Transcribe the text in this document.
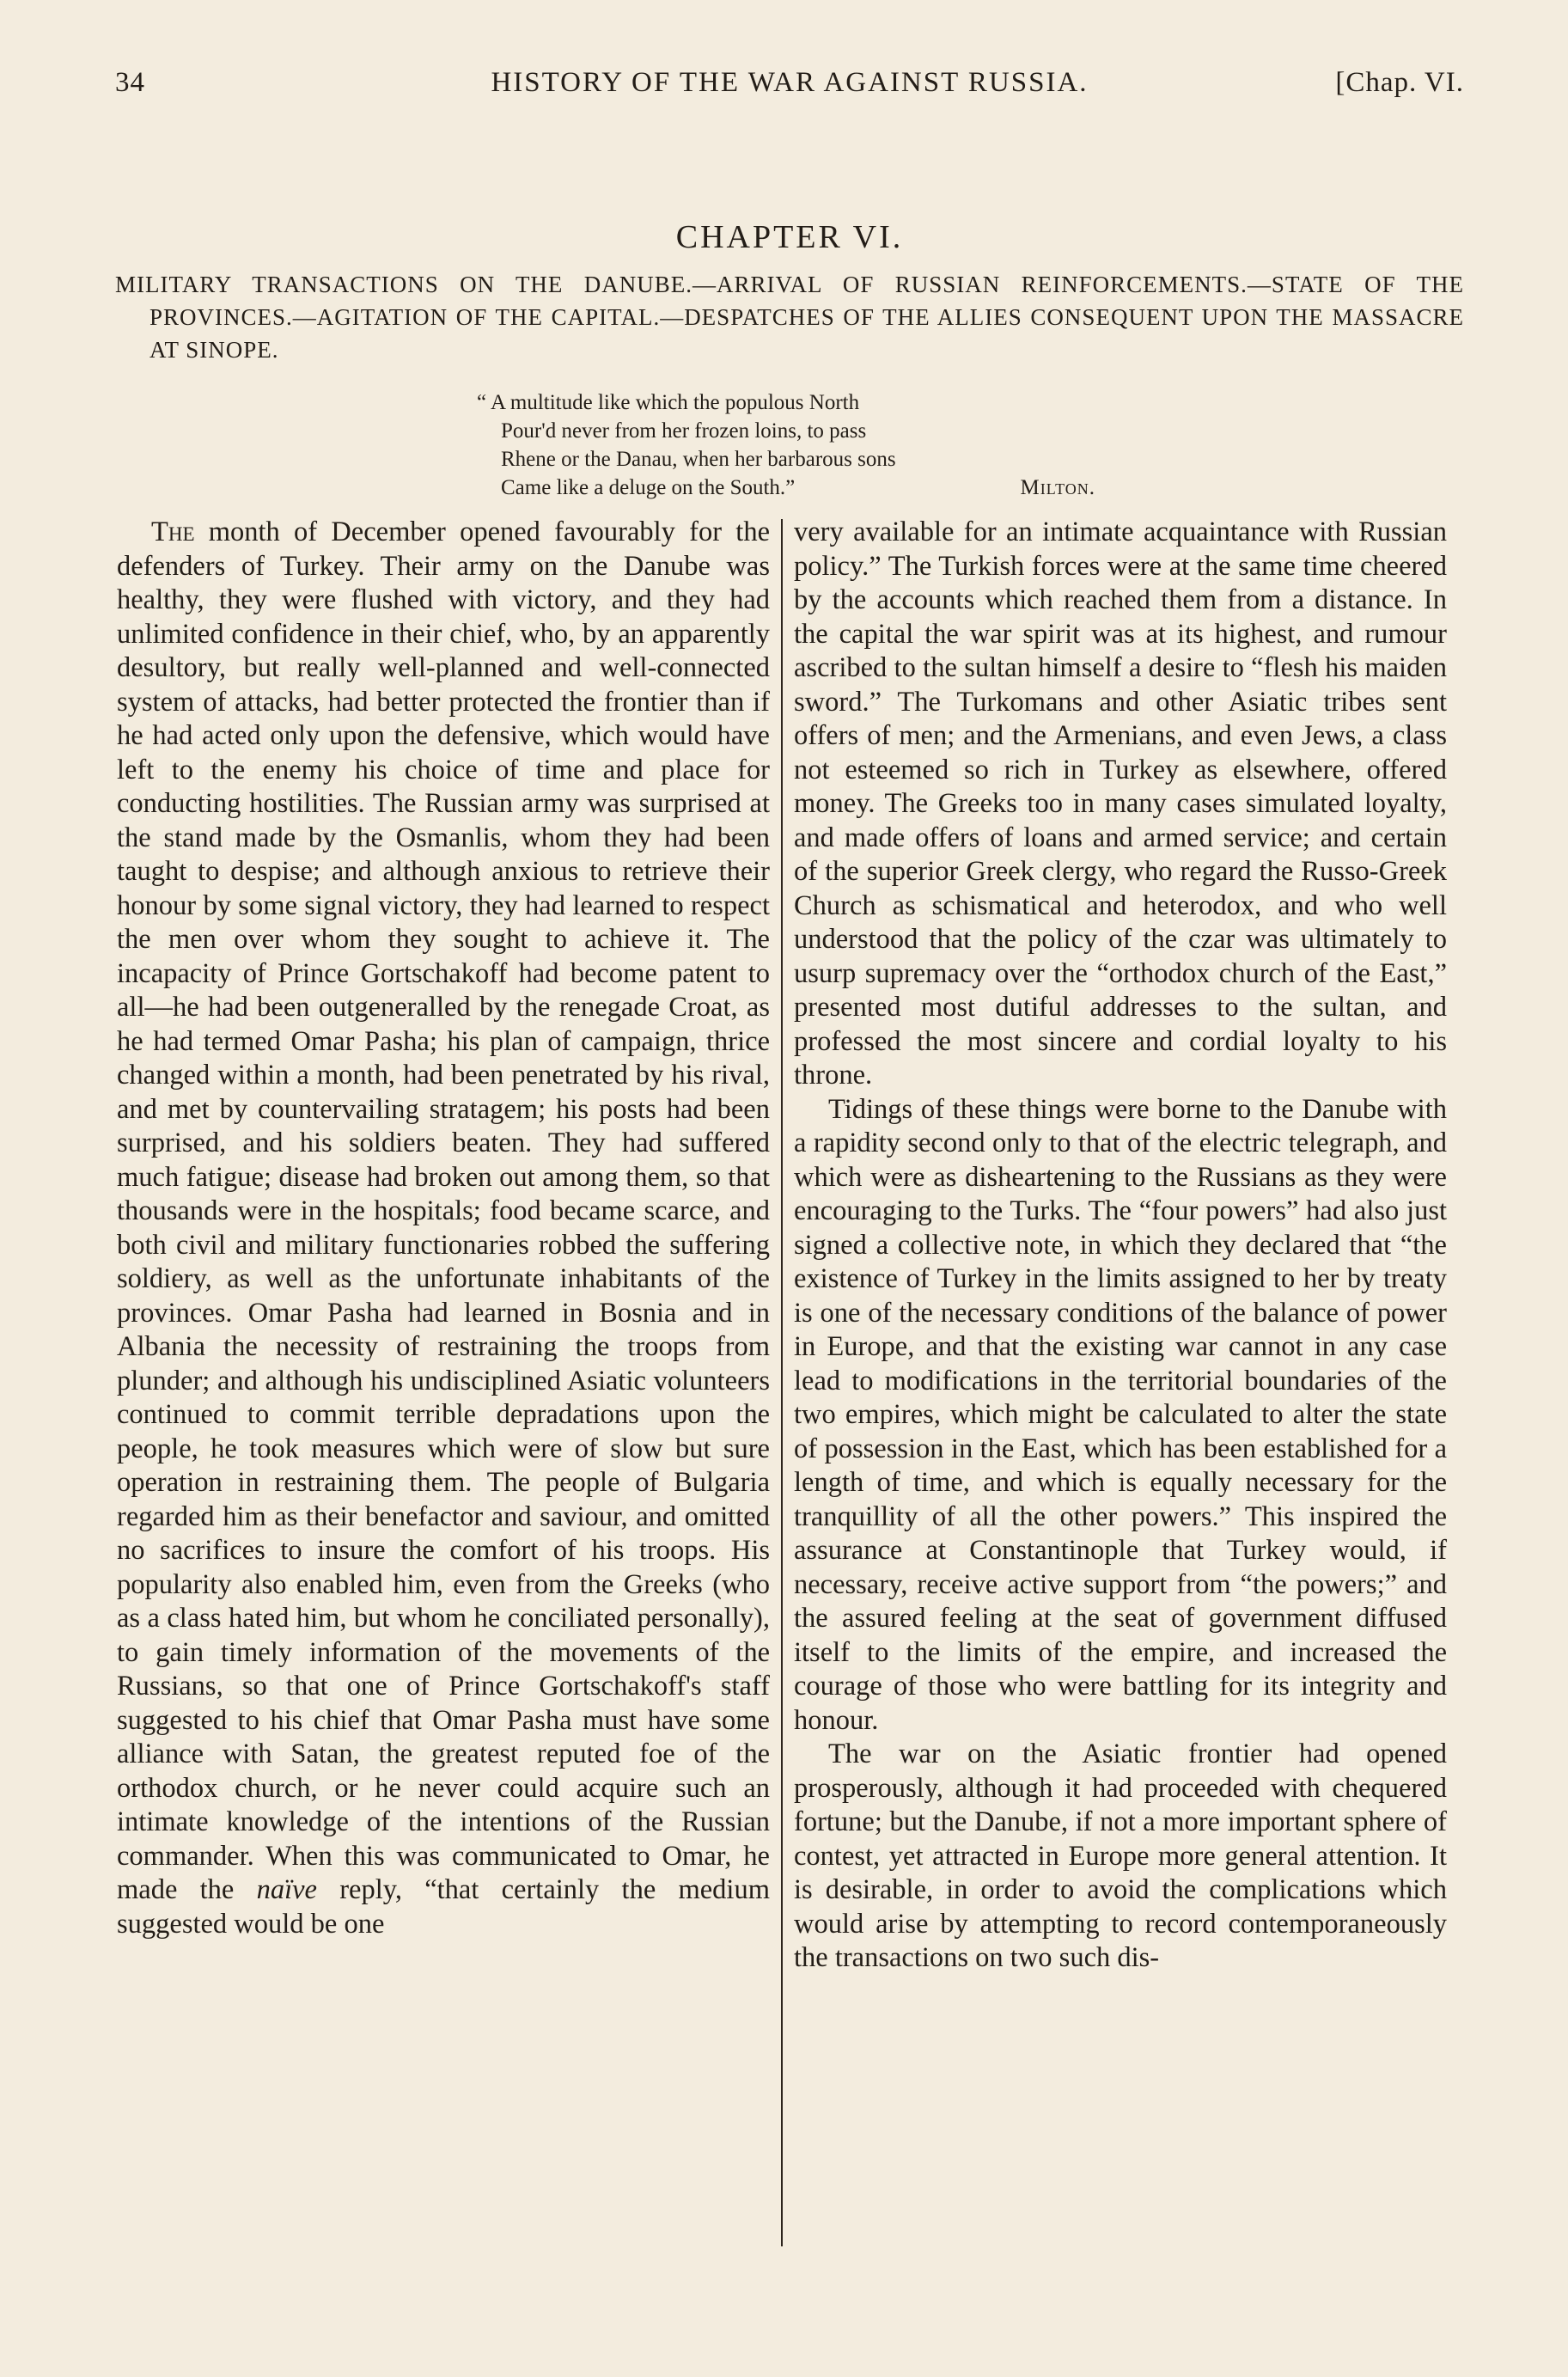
34	HISTORY OF THE WAR AGAINST RUSSIA.	[Chap. VI.
CHAPTER VI.
MILITARY TRANSACTIONS ON THE DANUBE.—ARRIVAL OF RUSSIAN REINFORCEMENTS.—STATE OF THE PROVINCES.—AGITATION OF THE CAPITAL.—DESPATCHES OF THE ALLIES CONSEQUENT UPON THE MASSACRE AT SINOPE.
“ A multitude like which the populous North
Pour'd never from her frozen loins, to pass
Rhene or the Danau, when her barbarous sons
Came like a deluge on the South.”	Milton.

The month of December opened favourably for the defenders of Turkey. Their army on the Danube was healthy, they were flushed with victory, and they had unlimited confidence in their chief, who, by an apparently desultory, but really well-planned and well-connected system of attacks, had better protected the frontier than if he had acted only upon the defensive, which would have left to the enemy his choice of time and place for conducting hostilities. The Russian army was surprised at the stand made by the Osmanlis, whom they had been taught to despise; and although anxious to retrieve their honour by some signal victory, they had learned to respect the men over whom they sought to achieve it. The incapacity of Prince Gortschakoff had become patent to all—he had been outgeneralled by the renegade Croat, as he had termed Omar Pasha; his plan of campaign, thrice changed within a month, had been penetrated by his rival, and met by countervailing stratagem; his posts had been surprised, and his soldiers beaten. They had suffered much fatigue; disease had broken out among them, so that thousands were in the hospitals; food became scarce, and both civil and military functionaries robbed the suffering soldiery, as well as the unfortunate inhabitants of the provinces. Omar Pasha had learned in Bosnia and in Albania the necessity of restraining the troops from plunder; and although his undisciplined Asiatic volunteers continued to commit terrible depradations upon the people, he took measures which were of slow but sure operation in restraining them. The people of Bulgaria regarded him as their benefactor and saviour, and omitted no sacrifices to insure the comfort of his troops. His popularity also enabled him, even from the Greeks (who as a class hated him, but whom he conciliated personally), to gain timely information of the movements of the Russians, so that one of Prince Gortschakoff's staff suggested to his chief that Omar Pasha must have some alliance with Satan, the greatest reputed foe of the orthodox church, or he never could acquire such an intimate knowledge of the intentions of the Russian commander. When this was communicated to Omar, he made the naïve reply, “that certainly the medium suggested would be one

very available for an intimate acquaintance with Russian policy.” The Turkish forces were at the same time cheered by the accounts which reached them from a distance. In the capital the war spirit was at its highest, and rumour ascribed to the sultan himself a desire to “flesh his maiden sword.” The Turkomans and other Asiatic tribes sent offers of men; and the Armenians, and even Jews, a class not esteemed so rich in Turkey as elsewhere, offered money. The Greeks too in many cases simulated loyalty, and made offers of loans and armed service; and certain of the superior Greek clergy, who regard the Russo-Greek Church as schismatical and heterodox, and who well understood that the policy of the czar was ultimately to usurp supremacy over the “orthodox church of the East,” presented most dutiful addresses to the sultan, and professed the most sincere and cordial loyalty to his throne.

Tidings of these things were borne to the Danube with a rapidity second only to that of the electric telegraph, and which were as disheartening to the Russians as they were encouraging to the Turks. The “four powers” had also just signed a collective note, in which they declared that “the existence of Turkey in the limits assigned to her by treaty is one of the necessary conditions of the balance of power in Europe, and that the existing war cannot in any case lead to modifications in the territorial boundaries of the two empires, which might be calculated to alter the state of possession in the East, which has been established for a length of time, and which is equally necessary for the tranquillity of all the other powers.” This inspired the assurance at Constantinople that Turkey would, if necessary, receive active support from “the powers;” and the assured feeling at the seat of government diffused itself to the limits of the empire, and increased the courage of those who were battling for its integrity and honour.

The war on the Asiatic frontier had opened prosperously, although it had proceeded with chequered fortune; but the Danube, if not a more important sphere of contest, yet attracted in Europe more general attention. It is desirable, in order to avoid the complications which would arise by attempting to record contemporaneously the transactions on two such dis-
